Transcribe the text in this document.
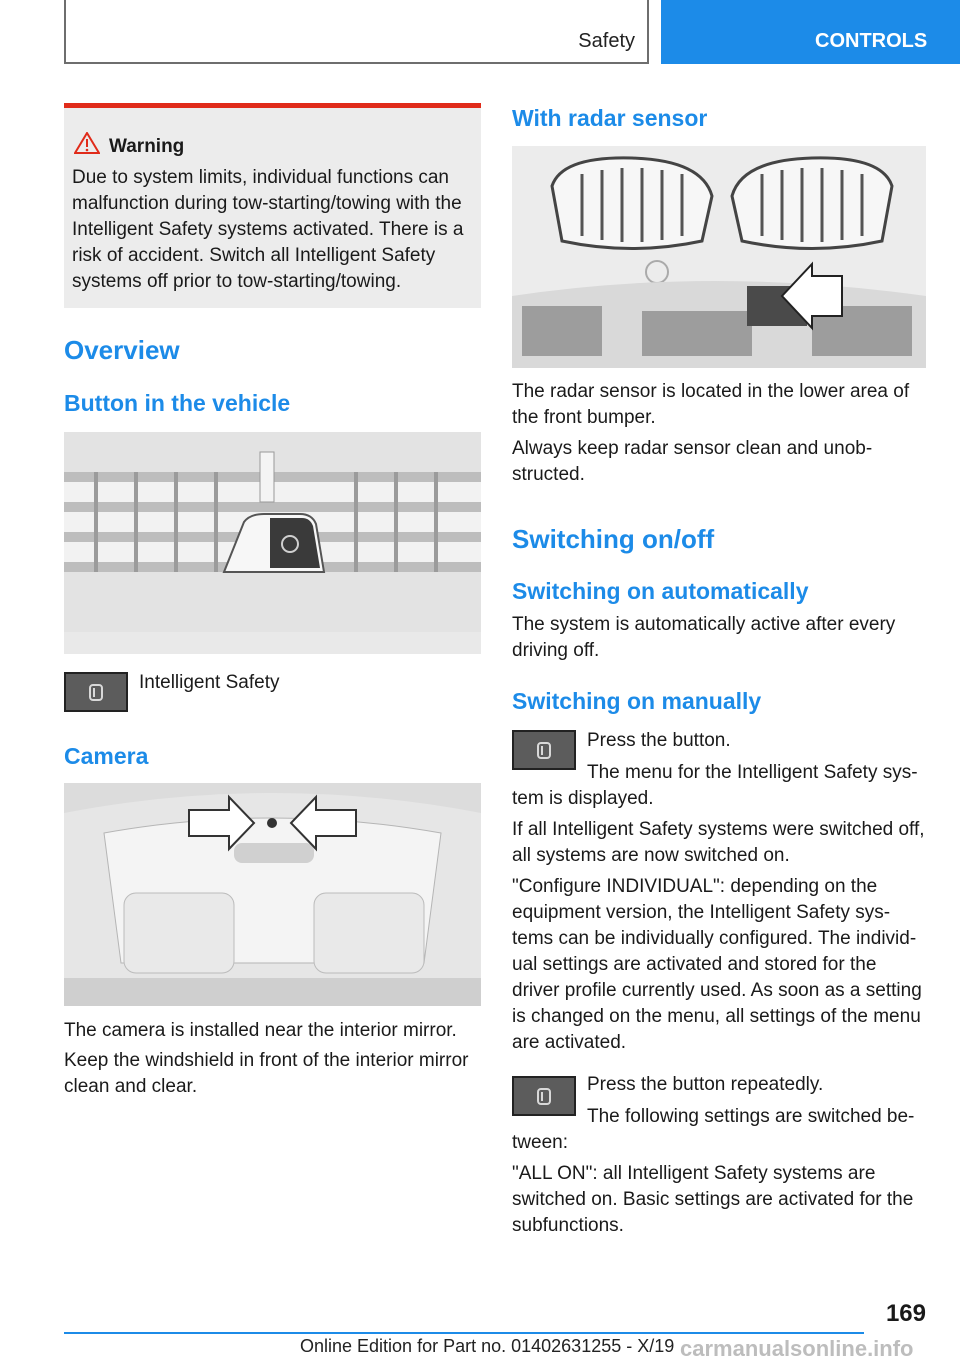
Safety	CONTROLS
Warning
Due to system limits, individual functions can malfunction during tow-starting/towing with the Intelligent Safety systems activated. There is a risk of accident. Switch all Intelligent Safety systems off prior to tow-starting/towing.
Overview
Button in the vehicle
Intelligent Safety
Camera
The camera is installed near the interior mirror.
Keep the windshield in front of the interior mirror clean and clear.
With radar sensor
The radar sensor is located in the lower area of the front bumper.
Always keep radar sensor clean and unob‐structed.
Switching on/off
Switching on automatically
The system is automatically active after every driving off.
Switching on manually
Press the button.
The menu for the Intelligent Safety sys‐tem is displayed.
If all Intelligent Safety systems were switched off, all systems are now switched on.
"Configure INDIVIDUAL": depending on the equipment version, the Intelligent Safety sys‐tems can be individually configured. The individ‐ual settings are activated and stored for the driver profile currently used. As soon as a setting is changed on the menu, all settings of the menu are activated.
Press the button repeatedly.
The following settings are switched be‐tween:
"ALL ON": all Intelligent Safety systems are switched on. Basic settings are activated for the subfunctions.
169
Online Edition for Part no. 01402631255 - X/19 carmanualsonline.info
